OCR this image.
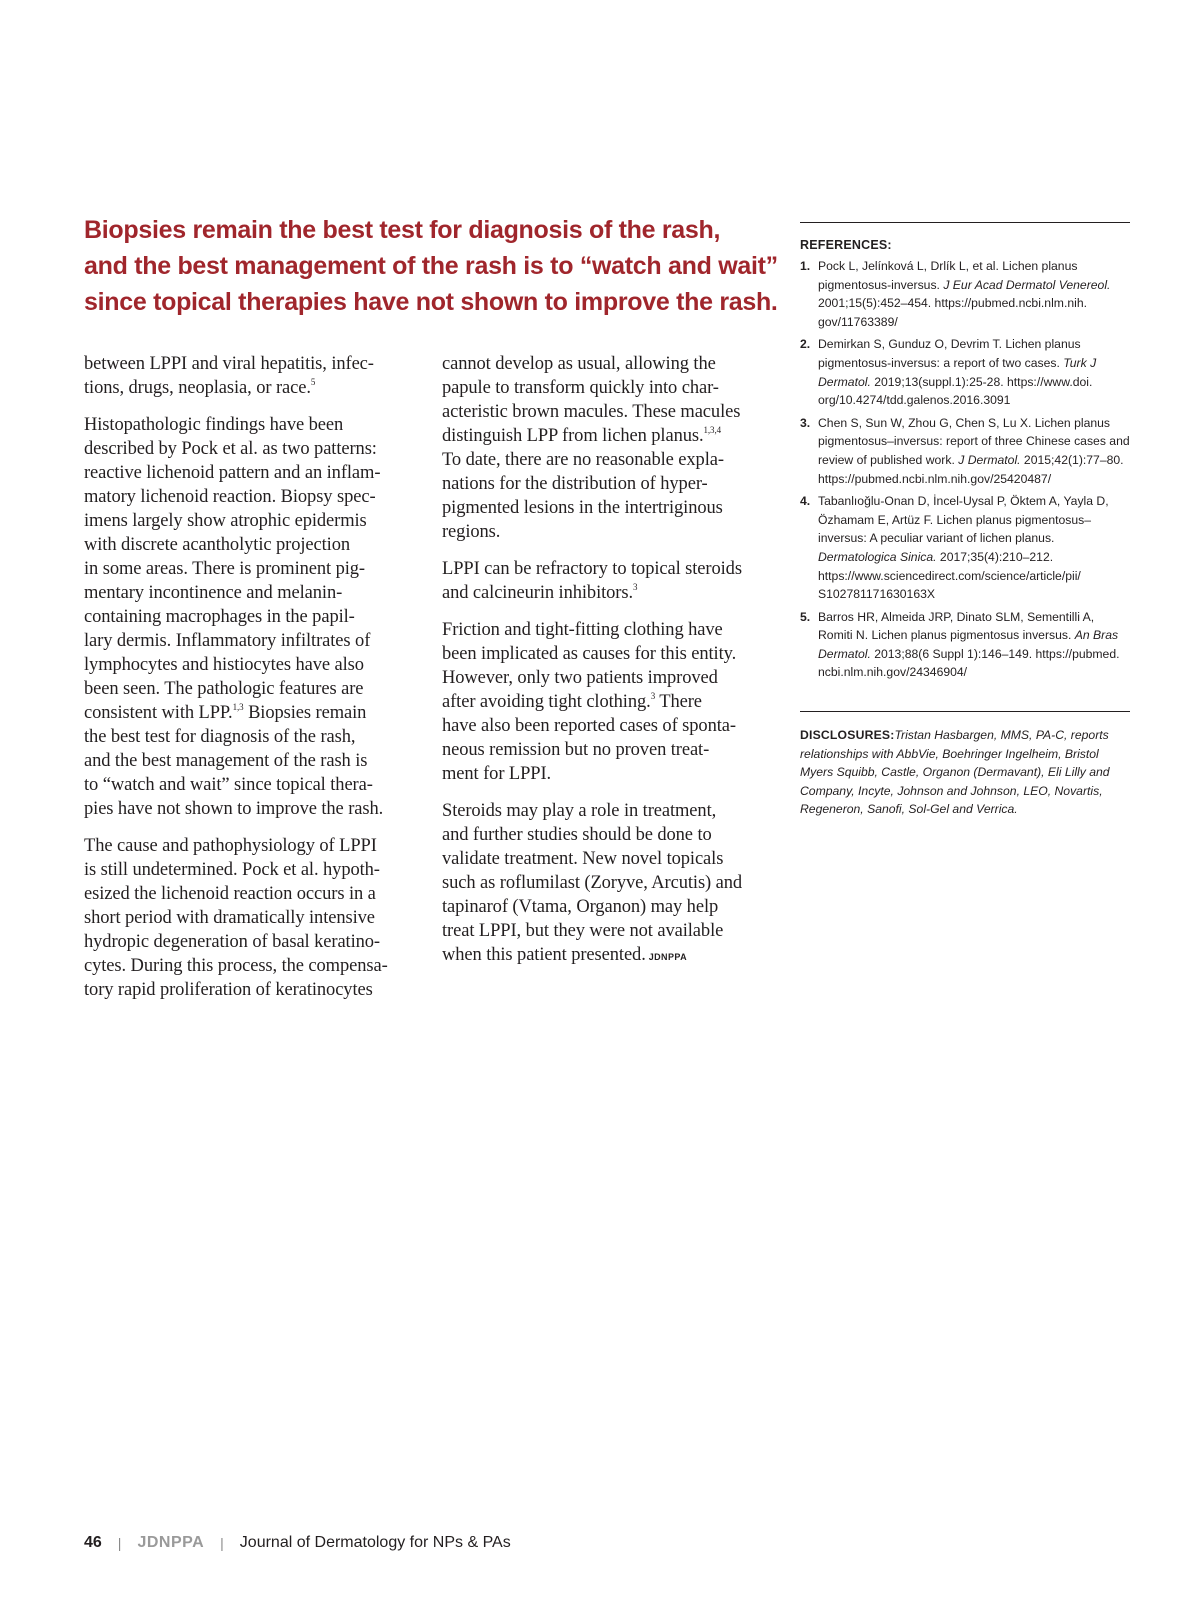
Biopsies remain the best test for diagnosis of the rash,
and the best management of the rash is to “watch and wait”
since topical therapies have not shown to improve the rash.

between LPPI and viral hepatitis, infec-
tions, drugs, neoplasia, or race.$^5$

Histopathologic findings have been
described by Pock et al. as two patterns:
reactive lichenoid pattern and an inflam-
matory lichenoid reaction. Biopsy spec-
imens largely show atrophic epidermis
with discrete acantholytic projection
in some areas. There is prominent pig-
mentary incontinence and melanin-
containing macrophages in the papil-
lary dermis. Inflammatory infiltrates of
lymphocytes and histiocytes have also
been seen. The pathologic features are
consistent with LPP.$^{1,3}$ Biopsies remain
the best test for diagnosis of the rash,
and the best management of the rash is
to “watch and wait” since topical thera-
pies have not shown to improve the rash.

The cause and pathophysiology of LPPI
is still undetermined. Pock et al. hypoth-
esized the lichenoid reaction occurs in a
short period with dramatically intensive
hydropic degeneration of basal keratino-
cytes. During this process, the compensa-
tory rapid proliferation of keratinocytes

cannot develop as usual, allowing the
papule to transform quickly into char-
acteristic brown macules. These macules
distinguish LPP from lichen planus.$^{1,3,4}$
To date, there are no reasonable expla-
nations for the distribution of hyper-
pigmented lesions in the intertriginous
regions.

LPPI can be refractory to topical steroids
and calcineurin inhibitors.$^3$

Friction and tight-fitting clothing have
been implicated as causes for this entity.
However, only two patients improved
after avoiding tight clothing.$^3$ There
have also been reported cases of sponta-
neous remission but no proven treat-
ment for LPPI.

Steroids may play a role in treatment,
and further studies should be done to
validate treatment. New novel topicals
such as roflumilast (Zoryve, Arcutis) and
tapinarof (Vtama, Organon) may help
treat LPPI, but they were not available
when this patient presented. JDNPPA

REFERENCES:
1. Pock L, Jelínková L, Drlík L, et al. Lichen planus
pigmentosus-inversus. J Eur Acad Dermatol Venereol.
2001;15(5):452–454. https://pubmed.ncbi.nlm.nih.
gov/11763389/
2. Demirkan S, Gunduz O, Devrim T. Lichen planus
pigmentosus-inversus: a report of two cases. Turk J
Dermatol. 2019;13(suppl.1):25-28. https://www.doi.
org/10.4274/tdd.galenos.2016.3091
3. Chen S, Sun W, Zhou G, Chen S, Lu X. Lichen planus
pigmentosus–inversus: report of three Chinese cases and
review of published work. J Dermatol. 2015;42(1):77–80.
https://pubmed.ncbi.nlm.nih.gov/25420487/
4. Tabanlıoğlu-Onan D, İncel-Uysal P, Öktem A, Yayla D,
Özhamam E, Artüz F. Lichen planus pigmentosus–
inversus: A peculiar variant of lichen planus.
Dermatologica Sinica. 2017;35(4):210–212.
https://www.sciencedirect.com/science/article/pii/
S102781171630163X
5. Barros HR, Almeida JRP, Dinato SLM, Sementilli A,
Romiti N. Lichen planus pigmentosus inversus. An Bras
Dermatol. 2013;88(6 Suppl 1):146–149. https://pubmed.
ncbi.nlm.nih.gov/24346904/

DISCLOSURES:Tristan Hasbargen, MMS, PA-C, reports
relationships with AbbVie, Boehringer Ingelheim, Bristol
Myers Squibb, Castle, Organon (Dermavant), Eli Lilly and
Company, Incyte, Johnson and Johnson, LEO, Novartis,
Regeneron, Sanofi, Sol-Gel and Verrica.

46 | JDNPPA | Journal of Dermatology for NPs & PAs
